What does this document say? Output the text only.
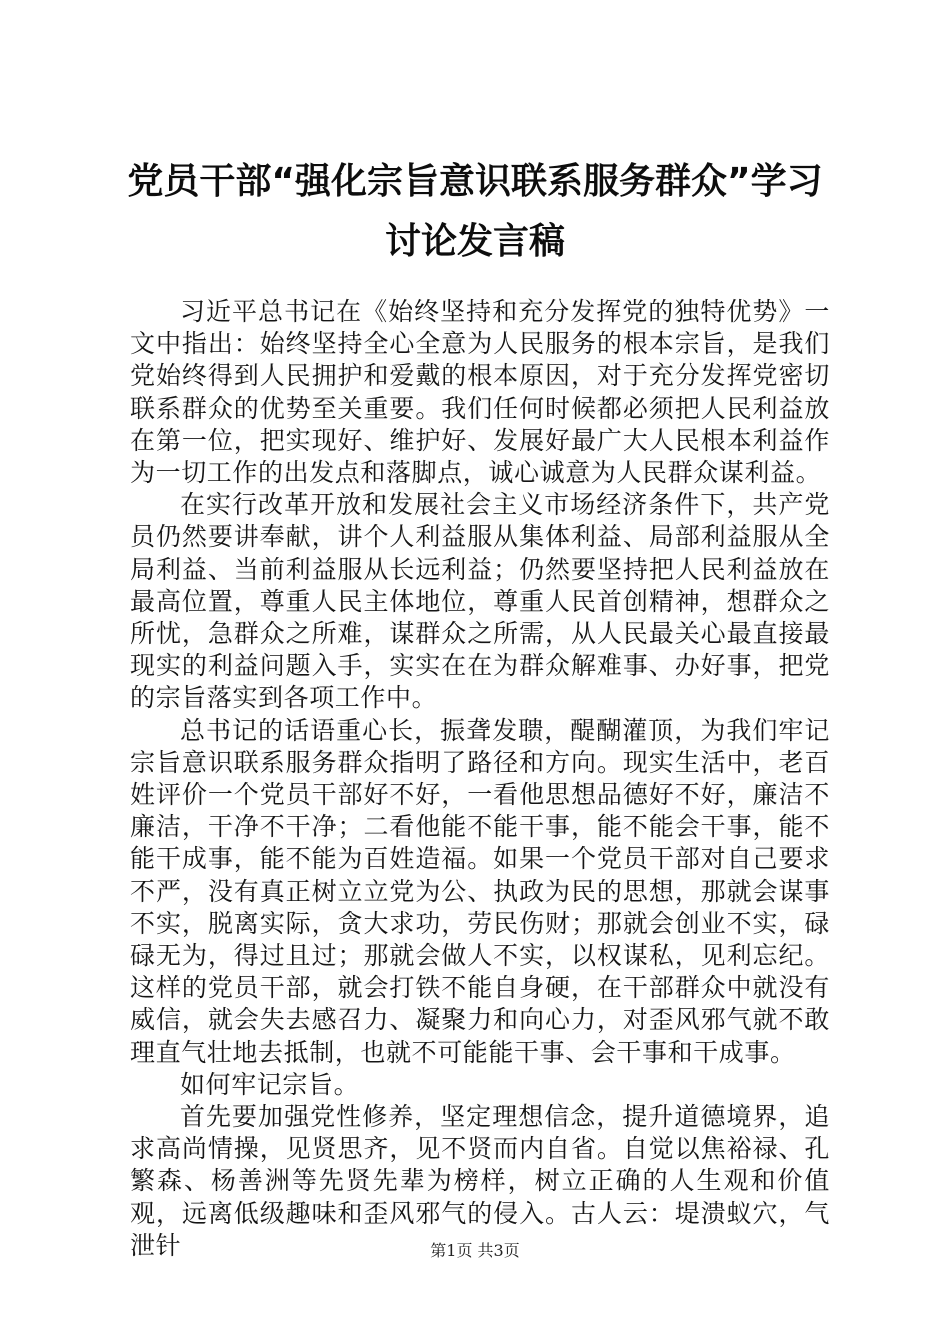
党员干部“强化宗旨意识联系服务群众”学习讨论发言稿

习近平总书记在《始终坚持和充分发挥党的独特优势》一文中指出：始终坚持全心全意为人民服务的根本宗旨，是我们党始终得到人民拥护和爱戴的根本原因，对于充分发挥党密切联系群众的优势至关重要。我们任何时候都必须把人民利益放在第一位，把实现好、维护好、发展好最广大人民根本利益作为一切工作的出发点和落脚点，诚心诚意为人民群众谋利益。

在实行改革开放和发展社会主义市场经济条件下，共产党员仍然要讲奉献，讲个人利益服从集体利益、局部利益服从全局利益、当前利益服从长远利益；仍然要坚持把人民利益放在最高位置，尊重人民主体地位，尊重人民首创精神，想群众之所忧，急群众之所难，谋群众之所需，从人民最关心最直接最现实的利益问题入手，实实在在为群众解难事、办好事，把党的宗旨落实到各项工作中。

总书记的话语重心长，振聋发聩，醍醐灌顶，为我们牢记宗旨意识联系服务群众指明了路径和方向。现实生活中，老百姓评价一个党员干部好不好，一看他思想品德好不好，廉洁不廉洁，干净不干净；二看他能不能干事，能不能会干事，能不能干成事，能不能为百姓造福。如果一个党员干部对自己要求不严，没有真正树立立党为公、执政为民的思想，那就会谋事不实，脱离实际，贪大求功，劳民伤财；那就会创业不实，碌碌无为，得过且过；那就会做人不实，以权谋私，见利忘纪。这样的党员干部，就会打铁不能自身硬，在干部群众中就没有威信，就会失去感召力、凝聚力和向心力，对歪风邪气就不敢理直气壮地去抵制，也就不可能能干事、会干事和干成事。

如何牢记宗旨。

首先要加强党性修养，坚定理想信念，提升道德境界，追求高尚情操，见贤思齐，见不贤而内自省。自觉以焦裕禄、孔繁森、杨善洲等先贤先辈为榜样，树立正确的人生观和价值观，远离低级趣味和歪风邪气的侵入。古人云：堤溃蚁穴，气泄针	第1页 共3页
